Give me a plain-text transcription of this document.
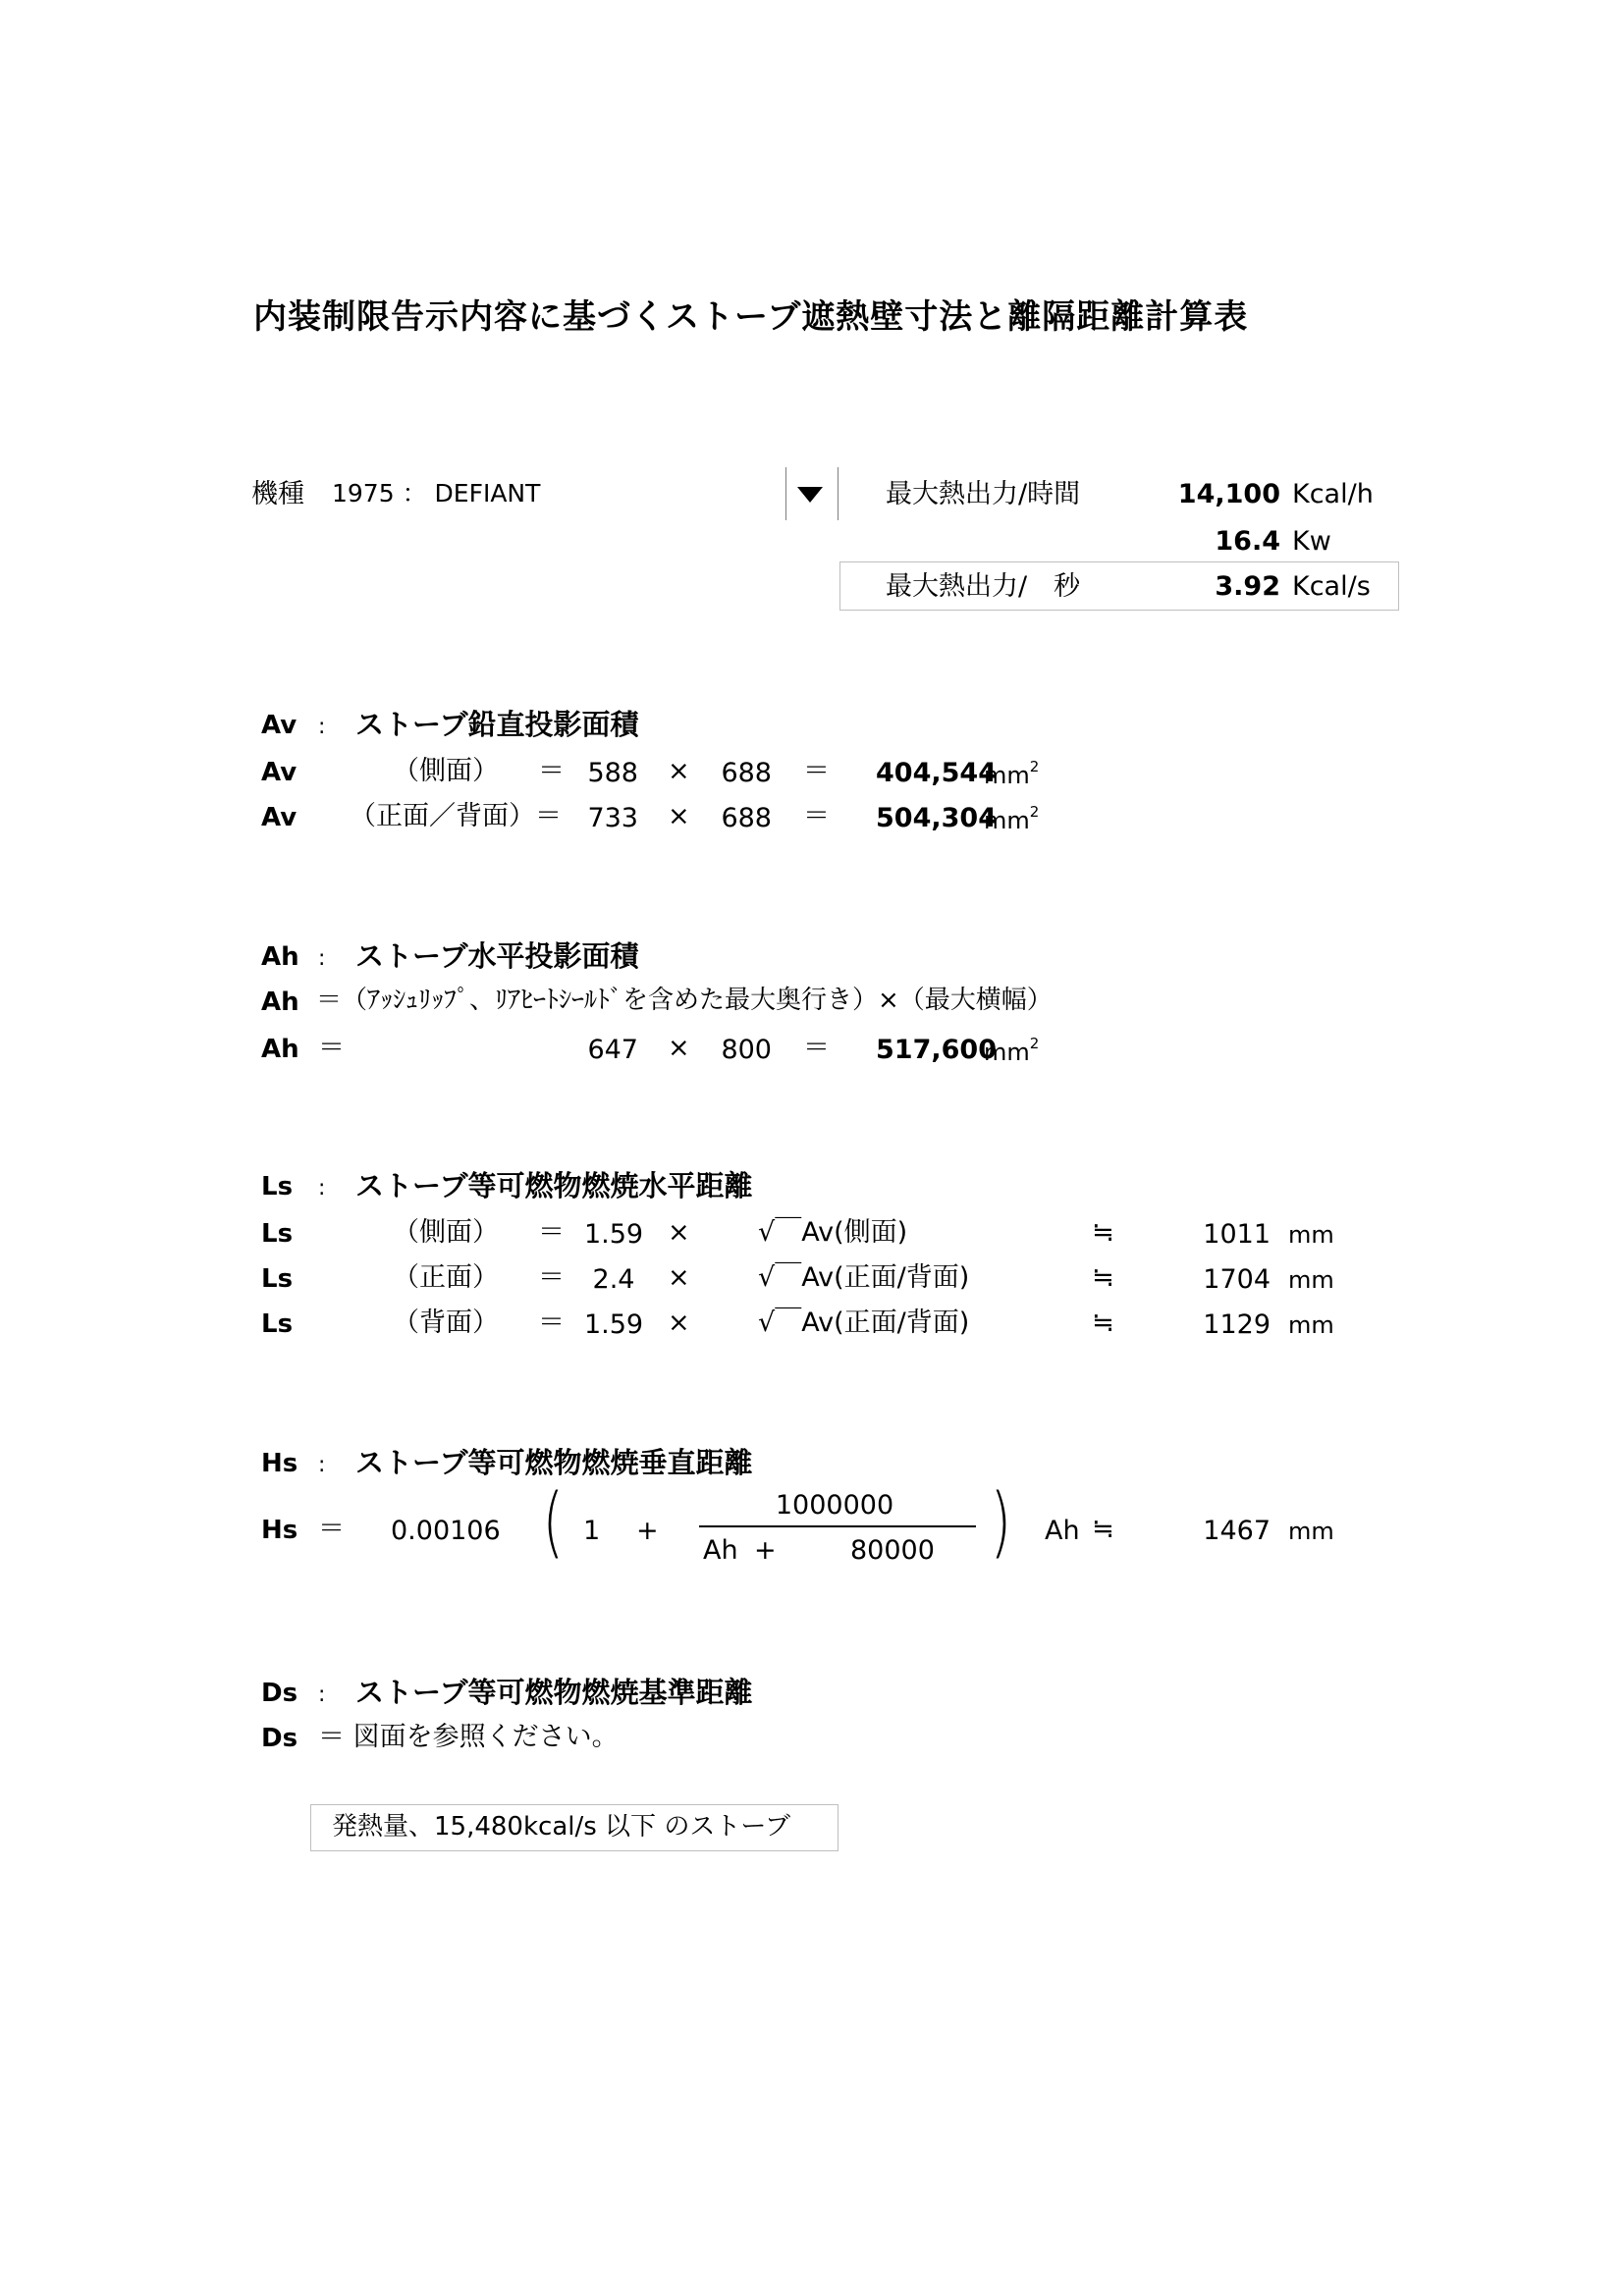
内装制限告示内容に基づくストーブ遮熱壁寸法と離隔距離計算表
機種 1975 ： DEFIANT	最大熱出力/時間	14,100 Kcal/h
16.4 Kw
最大熱出力/　秒	3.92 Kcal/s
Av : ストーブ鉛直投影面積
Av	（側面） ＝ 588 ×	688 ＝ 404,544
$mm^2$
Av （正面／背面）＝ 733 ×	688 ＝ 504,304
$mm^2$
Ah : ストーブ水平投影面積
Ah ＝（ｱｯｼｭﾘｯﾌﾟ、ﾘｱﾋｰﾄｼｰﾙﾄﾞを含めた最大奥行き）×（最大横幅）
Ah ＝	647 ×	800 ＝ 517,600
$mm^2$
Ls : ストーブ等可燃物燃焼水平距離
Ls	（側面） ＝ 1.59 ×	√￣Av(側面)	≒	1011 mm
Ls	（正面） ＝	2.4	×	√￣Av(正面/背面)	≒	1704 mm
Ls	（背面） ＝ 1.59 ×	√￣Av(正面/背面)	≒	1129 mm
Hs : ストーブ等可燃物燃焼垂直距離
Hs ＝ 0.00106 ( 1 +
1000000
Ah +	80000 ) Ah ≒	1467 mm
Ds : ストーブ等可燃物燃焼基準距離
Ds ＝ 図面を参照ください。
発熱量、15,480kcal/s 以下 のストーブ
